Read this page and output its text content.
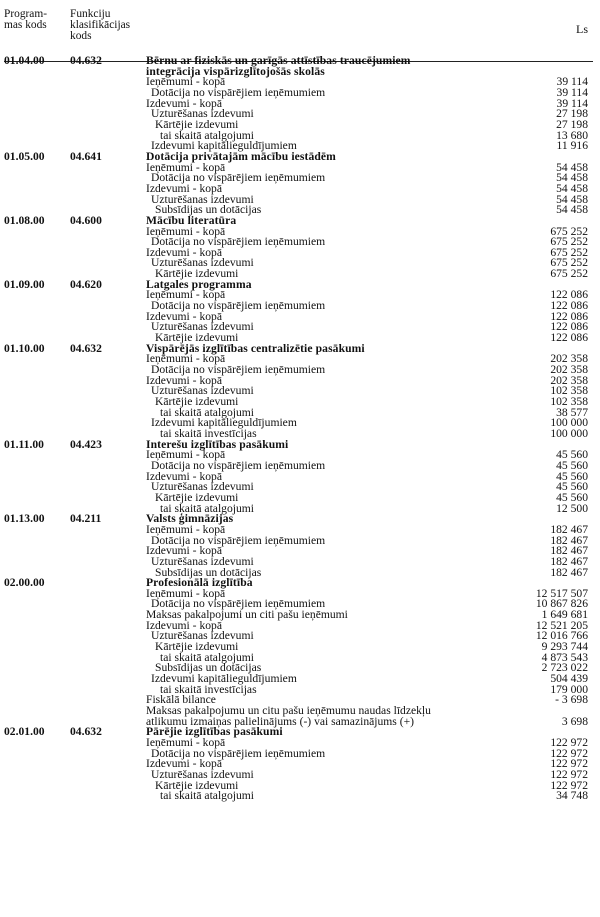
Program-
mas kods
Funkciju
klasifikācijas
kods	Ls
01.04.00 04.632	Bērnu ar fiziskās un garīgās attīstības traucējumiem
integrācija vispārizglītojošās skolās
Ieņēmumi - kopā	39 114
Dotācija no vispārējiem ieņēmumiem	39 114
Izdevumi - kopā	39 114
Uzturēšanas izdevumi	27 198
Kārtējie izdevumi	27 198
tai skaitā atalgojumi	13 680
Izdevumi kapitālieguldījumiem	11 916
01.05.00 04.641	Dotācija privātajām mācību iestādēm
Ieņēmumi - kopā	54 458
Dotācija no vispārējiem ieņēmumiem	54 458
Izdevumi - kopā	54 458
Uzturēšanas izdevumi	54 458
Subsīdijas un dotācijas	54 458
01.08.00 04.600	Mācību literatūra
Ieņēmumi - kopā	675 252
Dotācija no vispārējiem ieņēmumiem	675 252
Izdevumi - kopā	675 252
Uzturēšanas izdevumi	675 252
Kārtējie izdevumi	675 252
01.09.00 04.620	Latgales programma
Ieņēmumi - kopā	122 086
Dotācija no vispārējiem ieņēmumiem	122 086
Izdevumi - kopā	122 086
Uzturēšanas izdevumi	122 086
Kārtējie izdevumi	122 086
01.10.00 04.632	Vispārējās izglītības centralizētie pasākumi
Ieņēmumi - kopā	202 358
Dotācija no vispārējiem ieņēmumiem	202 358
Izdevumi - kopā	202 358
Uzturēšanas izdevumi	102 358
Kārtējie izdevumi	102 358
tai skaitā atalgojumi	38 577
Izdevumi kapitālieguldījumiem	100 000
tai skaitā investīcijas	100 000
01.11.00 04.423	Interešu izglītības pasākumi
Ieņēmumi - kopā	45 560
Dotācija no vispārējiem ieņēmumiem	45 560
Izdevumi - kopā	45 560
Uzturēšanas izdevumi	45 560
Kārtējie izdevumi	45 560
tai skaitā atalgojumi	12 500
01.13.00 04.211	Valsts ģimnāzijas
Ieņēmumi - kopā	182 467
Dotācija no vispārējiem ieņēmumiem	182 467
Izdevumi - kopā	182 467
Uzturēšanas izdevumi	182 467
Subsīdijas un dotācijas	182 467
02.00.00	Profesionālā izglītība
Ieņēmumi - kopā	12 517 507
Dotācija no vispārējiem ieņēmumiem	10 867 826
Maksas pakalpojumi un citi pašu ieņēmumi	1 649 681
Izdevumi - kopā	12 521 205
Uzturēšanas izdevumi	12 016 766
Kārtējie izdevumi	9 293 744
tai skaitā atalgojumi	4 873 543
Subsīdijas un dotācijas	2 723 022
Izdevumi kapitālieguldījumiem	504 439
tai skaitā investīcijas	179 000
Fiskālā bilance	- 3 698
Maksas pakalpojumu un citu pašu ieņēmumu naudas līdzekļu
atlikumu izmaiņas palielinājums (-) vai samazinājums (+)	3 698
02.01.00 04.632	Pārējie izglītības pasākumi
Ieņēmumi - kopā	122 972
Dotācija no vispārējiem ieņēmumiem	122 972
Izdevumi - kopā	122 972
Uzturēšanas izdevumi	122 972
Kārtējie izdevumi	122 972
tai skaitā atalgojumi	34 748
